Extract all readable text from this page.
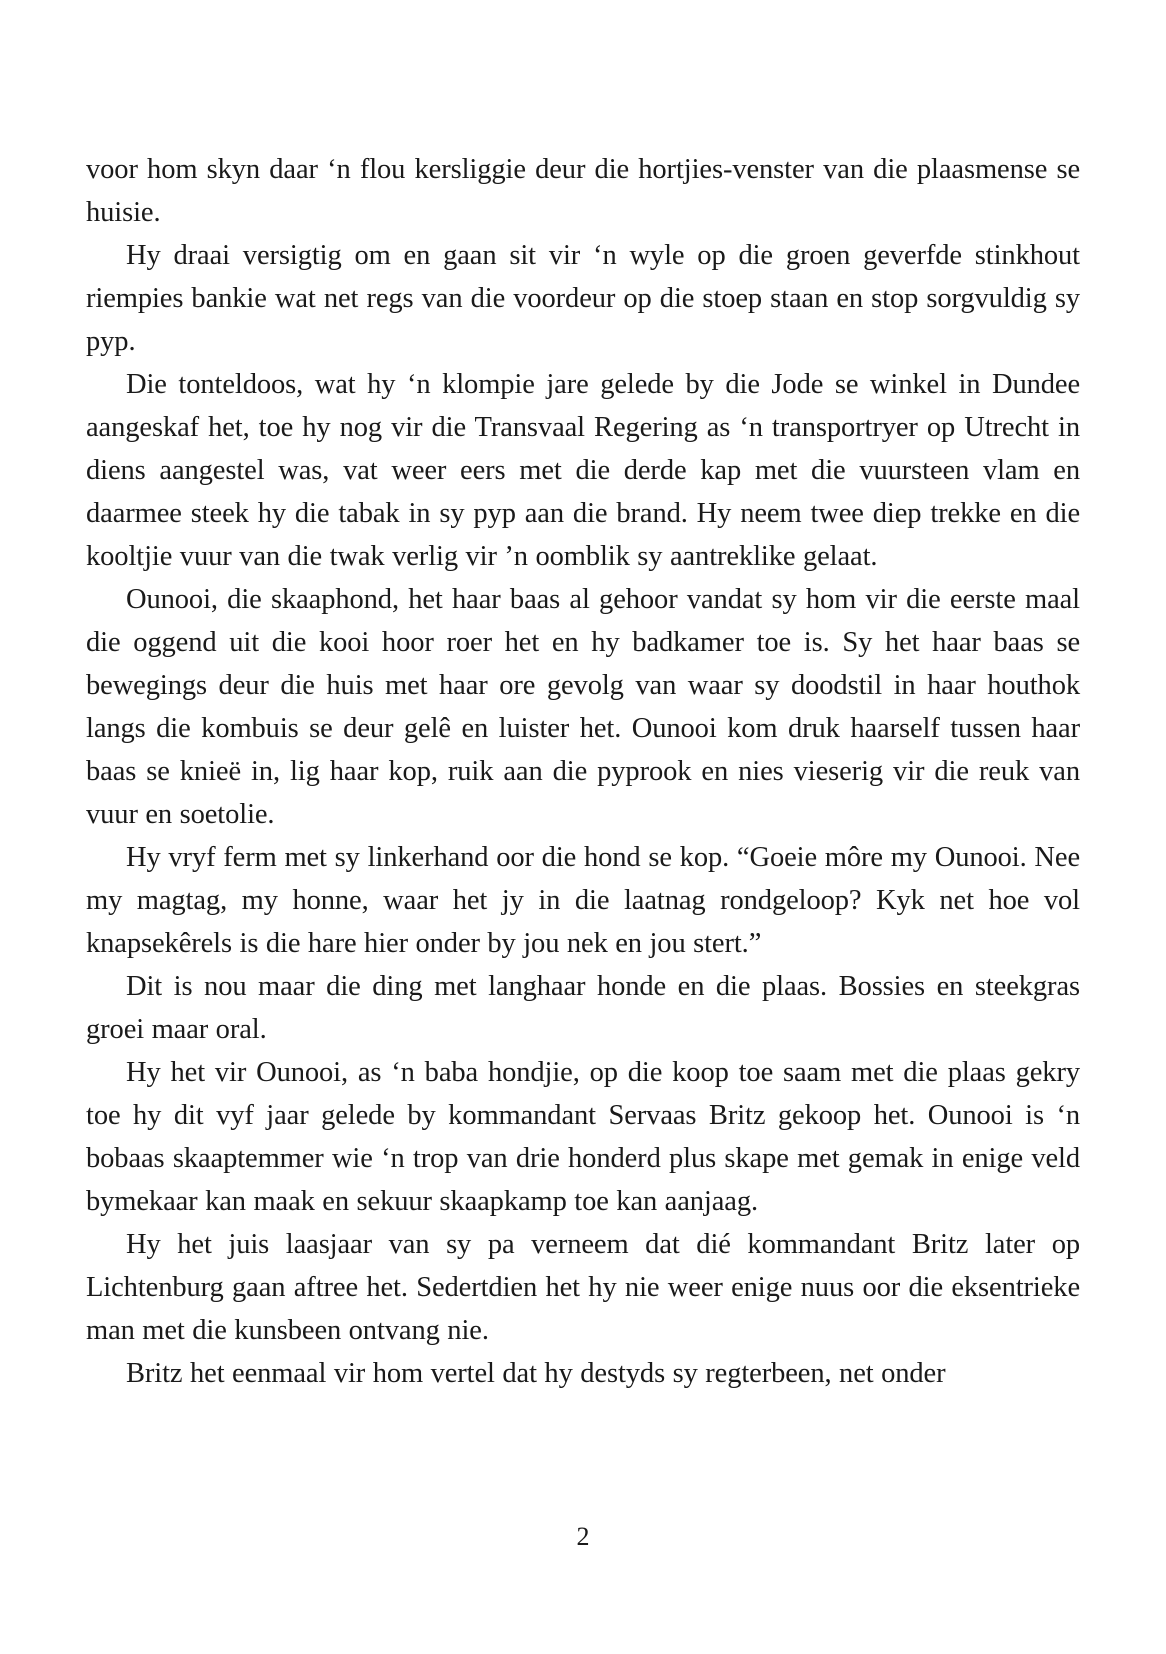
voor hom skyn daar ‘n flou kersliggie deur die hortjies-venster van die plaasmense se huisie.

Hy draai versigtig om en gaan sit vir ‘n wyle op die groen geverfde stinkhout riempies bankie wat net regs van die voordeur op die stoep staan en stop sorgvuldig sy pyp.

Die tonteldoos, wat hy ‘n klompie jare gelede by die Jode se winkel in Dundee aangeskaf het, toe hy nog vir die Transvaal Regering as ‘n transportryer op Utrecht in diens aangestel was, vat weer eers met die derde kap met die vuursteen vlam en daarmee steek hy die tabak in sy pyp aan die brand. Hy neem twee diep trekke en die kooltjie vuur van die twak verlig vir ’n oomblik sy aantreklike gelaat.

Ounooi, die skaaphond, het haar baas al gehoor vandat sy hom vir die eerste maal die oggend uit die kooi hoor roer het en hy badkamer toe is. Sy het haar baas se bewegings deur die huis met haar ore gevolg van waar sy doodstil in haar houthok langs die kombuis se deur gelê en luister het. Ounooi kom druk haarself tussen haar baas se knieë in, lig haar kop, ruik aan die pyprook en nies vieserig vir die reuk van vuur en soetolie.

Hy vryf ferm met sy linkerhand oor die hond se kop. “Goeie môre my Ounooi. Nee my magtag, my honne, waar het jy in die laatnag rondgeloop? Kyk net hoe vol knapsekêrels is die hare hier onder by jou nek en jou stert.”

Dit is nou maar die ding met langhaar honde en die plaas. Bossies en steekgras groei maar oral.

Hy het vir Ounooi, as ‘n baba hondjie, op die koop toe saam met die plaas gekry toe hy dit vyf jaar gelede by kommandant Servaas Britz gekoop het. Ounooi is ‘n bobaas skaaptemmer wie ‘n trop van drie honderd plus skape met gemak in enige veld bymekaar kan maak en sekuur skaapkamp toe kan aanjaag.

Hy het juis laasjaar van sy pa verneem dat dié kommandant Britz later op Lichtenburg gaan aftree het. Sedertdien het hy nie weer enige nuus oor die eksentrieke man met die kunsbeen ontvang nie.

Britz het eenmaal vir hom vertel dat hy destyds sy regterbeen, net onder

2
